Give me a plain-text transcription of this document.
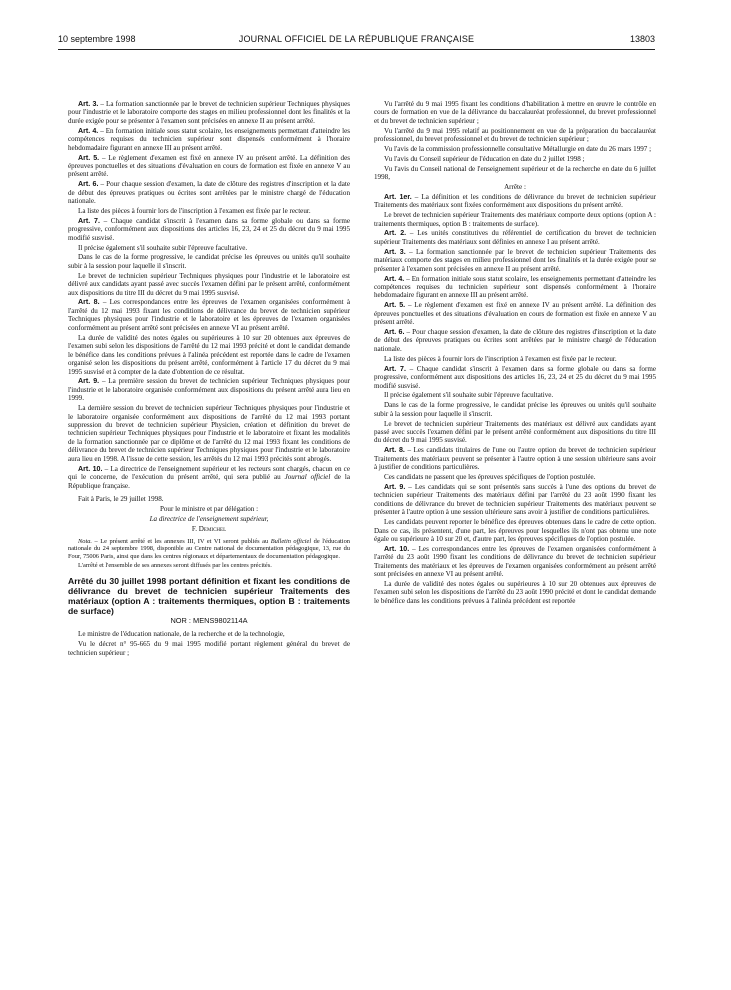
10 septembre 1998	JOURNAL OFFICIEL DE LA RÉPUBLIQUE FRANÇAISE	13803

Art. 3. – La formation sanctionnée par le brevet de technicien supérieur Techniques physiques pour l'industrie et le laboratoire comporte des stages en milieu professionnel dont les finalités et la durée exigée pour se présenter à l'examen sont précisées en annexe II au présent arrêté.

Art. 4. – En formation initiale sous statut scolaire, les enseignements permettant d'atteindre les compétences requises du technicien supérieur sont dispensés conformément à l'horaire hebdomadaire figurant en annexe III au présent arrêté.

Art. 5. – Le règlement d'examen est fixé en annexe IV au présent arrêté. La définition des épreuves ponctuelles et des situations d'évaluation en cours de formation est fixée en annexe V au présent arrêté.

Art. 6. – Pour chaque session d'examen, la date de clôture des registres d'inscription et la date de début des épreuves pratiques ou écrites sont arrêtées par le ministre chargé de l'éducation nationale.

La liste des pièces à fournir lors de l'inscription à l'examen est fixée par le recteur.

Art. 7. – Chaque candidat s'inscrit à l'examen dans sa forme globale ou dans sa forme progressive, conformément aux dispositions des articles 16, 23, 24 et 25 du décret du 9 mai 1995 modifié susvisé.

Il précise également s'il souhaite subir l'épreuve facultative.

Dans le cas de la forme progressive, le candidat précise les épreuves ou unités qu'il souhaite subir à la session pour laquelle il s'inscrit.

Le brevet de technicien supérieur Techniques physiques pour l'industrie et le laboratoire est délivré aux candidats ayant passé avec succès l'examen défini par le présent arrêté, conformément aux dispositions du titre III du décret du 9 mai 1995 susvisé.

Art. 8. – Les correspondances entre les épreuves de l'examen organisées conformément à l'arrêté du 12 mai 1993 fixant les conditions de délivrance du brevet de technicien supérieur Techniques physiques pour l'industrie et le laboratoire et les épreuves de l'examen organisées conformément au présent arrêté sont précisées en annexe VI au présent arrêté.

La durée de validité des notes égales ou supérieures à 10 sur 20 obtenues aux épreuves de l'examen subi selon les dispositions de l'arrêté du 12 mai 1993 précité et dont le candidat demande le bénéfice dans les conditions prévues à l'alinéa précédent est reportée dans le cadre de l'examen organisé selon les dispositions du présent arrêté, conformément à l'article 17 du décret du 9 mai 1995 susvisé et à compter de la date d'obtention de ce résultat.

Art. 9. – La première session du brevet de technicien supérieur Techniques physiques pour l'industrie et le laboratoire organisée conformément aux dispositions du présent arrêté aura lieu en 1999.

La dernière session du brevet de technicien supérieur Techniques physiques pour l'industrie et le laboratoire organisée conformément aux dispositions de l'arrêté du 12 mai 1993 portant suppression du brevet de technicien supérieur Physicien, création et définition du brevet de technicien supérieur Techniques physiques pour l'industrie et le laboratoire et fixant les modalités de la formation sanctionnée par ce diplôme et de l'arrêté du 12 mai 1993 fixant les conditions de délivrance du brevet de technicien supérieur Techniques physiques pour l'industrie et le laboratoire aura lieu en 1998. A l'issue de cette session, les arrêtés du 12 mai 1993 précités sont abrogés.

Art. 10. – La directrice de l'enseignement supérieur et les recteurs sont chargés, chacun en ce qui le concerne, de l'exécution du présent arrêté, qui sera publié au Journal officiel de la République française.

Fait à Paris, le 29 juillet 1998.

Pour le ministre et par délégation :

La directrice de l'enseignement supérieur,

F. Demichel

Nota. – Le présent arrêté et les annexes III, IV et VI seront publiés au Bulletin officiel de l'éducation nationale du 24 septembre 1998, disponible au Centre national de documentation pédagogique, 13, rue du Four, 75006 Paris, ainsi que dans les centres régionaux et départementaux de documentation pédagogique.

L'arrêté et l'ensemble de ses annexes seront diffusés par les centres précités.

Arrêté du 30 juillet 1998 portant définition et fixant les conditions de délivrance du brevet de technicien supérieur Traitements des matériaux (option A : traitements thermiques, option B : traitements de surface)
NOR : MENS9802114A

Le ministre de l'éducation nationale, de la recherche et de la technologie,

Vu le décret n° 95-665 du 9 mai 1995 modifié portant règlement général du brevet de technicien supérieur ;

Vu l'arrêté du 9 mai 1995 fixant les conditions d'habilitation à mettre en œuvre le contrôle en cours de formation en vue de la délivrance du baccalauréat professionnel, du brevet professionnel et du brevet de technicien supérieur ;

Vu l'arrêté du 9 mai 1995 relatif au positionnement en vue de la préparation du baccalauréat professionnel, du brevet professionnel et du brevet de technicien supérieur ;

Vu l'avis de la commission professionnelle consultative Métallurgie en date du 26 mars 1997 ;

Vu l'avis du Conseil supérieur de l'éducation en date du 2 juillet 1998 ;

Vu l'avis du Conseil national de l'enseignement supérieur et de la recherche en date du 6 juillet 1998,

Arrête :

Art. 1er. – La définition et les conditions de délivrance du brevet de technicien supérieur Traitements des matériaux sont fixées conformément aux dispositions du présent arrêté.

Le brevet de technicien supérieur Traitements des matériaux comporte deux options (option A : traitements thermiques, option B : traitements de surface).

Art. 2. – Les unités constitutives du référentiel de certification du brevet de technicien supérieur Traitements des matériaux sont définies en annexe I au présent arrêté.

Art. 3. – La formation sanctionnée par le brevet de technicien supérieur Traitements des matériaux comporte des stages en milieu professionnel dont les finalités et la durée exigée pour se présenter à l'examen sont précisées en annexe II au présent arrêté.

Art. 4. – En formation initiale sous statut scolaire, les enseignements permettant d'atteindre les compétences requises du technicien supérieur sont dispensés conformément à l'horaire hebdomadaire figurant en annexe III au présent arrêté.

Art. 5. – Le règlement d'examen est fixé en annexe IV au présent arrêté. La définition des épreuves ponctuelles et des situations d'évaluation en cours de formation est fixée en annexe V au présent arrêté.

Art. 6. – Pour chaque session d'examen, la date de clôture des registres d'inscription et la date de début des épreuves pratiques ou écrites sont arrêtées par le ministre chargé de l'éducation nationale.

La liste des pièces à fournir lors de l'inscription à l'examen est fixée par le recteur.

Art. 7. – Chaque candidat s'inscrit à l'examen dans sa forme globale ou dans sa forme progressive, conformément aux dispositions des articles 16, 23, 24 et 25 du décret du 9 mai 1995 modifié susvisé.

Il précise également s'il souhaite subir l'épreuve facultative.

Dans le cas de la forme progressive, le candidat précise les épreuves ou unités qu'il souhaite subir à la session pour laquelle il s'inscrit.

Le brevet de technicien supérieur Traitements des matériaux est délivré aux candidats ayant passé avec succès l'examen défini par le présent arrêté conformément aux dispositions du titre III du décret du 9 mai 1995 susvisé.

Art. 8. – Les candidats titulaires de l'une ou l'autre option du brevet de technicien supérieur Traitements des matériaux peuvent se présenter à l'autre option à une session ultérieure sans avoir à justifier de conditions particulières.

Ces candidats ne passent que les épreuves spécifiques de l'option postulée.

Art. 9. – Les candidats qui se sont présentés sans succès à l'une des options du brevet de technicien supérieur Traitements des matériaux défini par l'arrêté du 23 août 1990 fixant les conditions de délivrance du brevet de technicien supérieur Traitements des matériaux peuvent se présenter à l'autre option à une session ultérieure sans avoir à justifier de conditions particulières.

Les candidats peuvent reporter le bénéfice des épreuves obtenues dans le cadre de cette option. Dans ce cas, ils présentent, d'une part, les épreuves pour lesquelles ils n'ont pas obtenu une note égale ou supérieure à 10 sur 20 et, d'autre part, les épreuves spécifiques de l'option postulée.

Art. 10. – Les correspondances entre les épreuves de l'examen organisées conformément à l'arrêté du 23 août 1990 fixant les conditions de délivrance du brevet de technicien supérieur Traitements des matériaux et les épreuves de l'examen organisées conformément au présent arrêté sont précisées en annexe VI au présent arrêté.

La durée de validité des notes égales ou supérieures à 10 sur 20 obtenues aux épreuves de l'examen subi selon les dispositions de l'arrêté du 23 août 1990 précité et dont le candidat demande le bénéfice dans les conditions prévues à l'alinéa précédent est reportée
